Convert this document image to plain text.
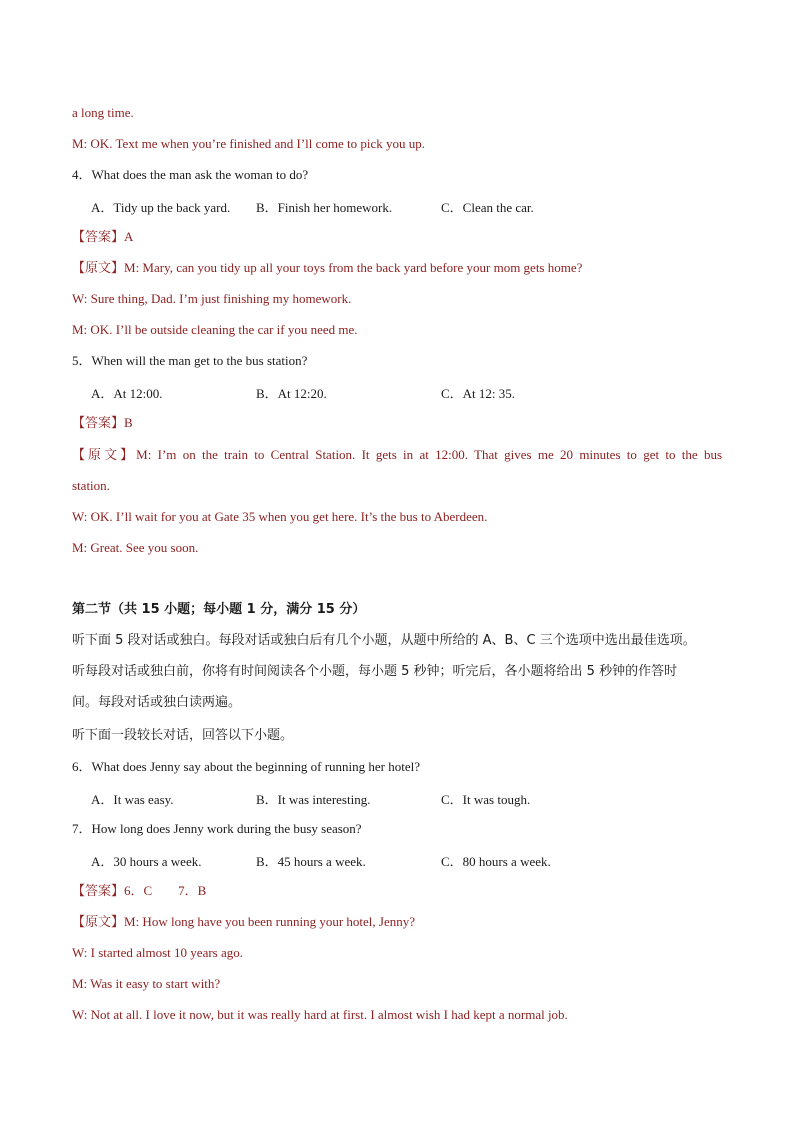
a long time.
M: OK. Text me when you’re finished and I’ll come to pick you up.
4．What does the man ask the woman to do?
A．Tidy up the back yard. B．Finish her homework.	C．Clean the car.
【答案】A
【原文】M: Mary, can you tidy up all your toys from the back yard before your mom gets home?
W: Sure thing, Dad. I’m just finishing my homework.
M: OK. I’ll be outside cleaning the car if you need me.
5．When will the man get to the bus station?
A．At 12:00.	B．At 12:20.	C．At 12: 35.
【答案】B
【原文】M: I’m on the train to Central Station. It gets in at 12:00. That gives me 20 minutes to get to the bus
station.
W: OK. I’ll wait for you at Gate 35 when you get here. It’s the bus to Aberdeen.
M: Great. See you soon.
第二节（共 15 小题；每小题 1 分，满分 15 分）
听下面 5 段对话或独白。每段对话或独白后有几个小题，从题中所给的 A、B、C 三个选项中选出最佳选项。
听每段对话或独白前，你将有时间阅读各个小题，每小题 5 秒钟；听完后，各小题将给出 5 秒钟的作答时
间。每段对话或独白读两遍。
听下面一段较长对话，回答以下小题。
6．What does Jenny say about the beginning of running her hotel?
A．It was easy.	B．It was interesting.	C．It was tough.
7．How long does Jenny work during the busy season?
A．30 hours a week.	B．45 hours a week.	C．80 hours a week.
【答案】6．C　　7．B
【原文】M: How long have you been running your hotel, Jenny?
W: I started almost 10 years ago.
M: Was it easy to start with?
W: Not at all. I love it now, but it was really hard at first. I almost wish I had kept a normal job.
